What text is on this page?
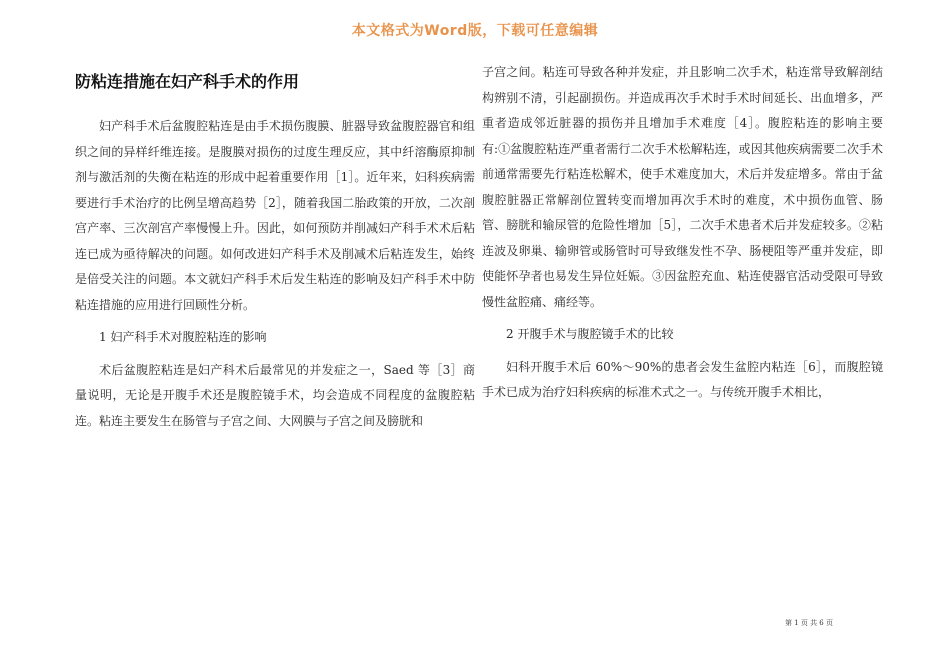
本文格式为Word版，下载可任意编辑
防粘连措施在妇产科手术的作用

妇产科手术后盆腹腔粘连是由手术损伤腹膜、脏器导致盆腹腔器官和组织之间的异样纤维连接。是腹膜对损伤的过度生理反应，其中纤溶酶原抑制剂与激活剂的失衡在粘连的形成中起着重要作用［1］。近年来，妇科疾病需要进行手术治疗的比例呈增高趋势［2］，随着我国二胎政策的开放，二次剖宫产率、三次剖宫产率慢慢上升。因此，如何预防并削减妇产科手术术后粘连已成为亟待解决的问题。如何改进妇产科手术及削减术后粘连发生，始终是倍受关注的问题。本文就妇产科手术后发生粘连的影响及妇产科手术中防粘连措施的应用进行回顾性分析。

1 妇产科手术对腹腔粘连的影响

术后盆腹腔粘连是妇产科术后最常见的并发症之一，Saed 等［3］商量说明，无论是开腹手术还是腹腔镜手术，均会造成不同程度的盆腹腔粘连。粘连主要发生在肠管与子宫之间、大网膜与子宫之间及膀胱和

子宫之间。粘连可导致各种并发症，并且影响二次手术，粘连常导致解剖结构辨别不清，引起副损伤。并造成再次手术时手术时间延长、出血增多，严重者造成邻近脏器的损伤并且增加手术难度［4］。腹腔粘连的影响主要有:①盆腹腔粘连严重者需行二次手术松解粘连，或因其他疾病需要二次手术前通常需要先行粘连松解术，使手术难度加大，术后并发症增多。常由于盆腹腔脏器正常解剖位置转变而增加再次手术时的难度，术中损伤血管、肠管、膀胱和输尿管的危险性增加［5］，二次手术患者术后并发症较多。②粘连波及卵巢、输卵管或肠管时可导致继发性不孕、肠梗阻等严重并发症，即使能怀孕者也易发生异位妊娠。③因盆腔充血、粘连使器官活动受限可导致慢性盆腔痛、痛经等。

2 开腹手术与腹腔镜手术的比较

妇科开腹手术后 60%～90%的患者会发生盆腔内粘连［6］，而腹腔镜手术已成为治疗妇科疾病的标准术式之一。与传统开腹手术相比，

第 1 页 共 6 页
